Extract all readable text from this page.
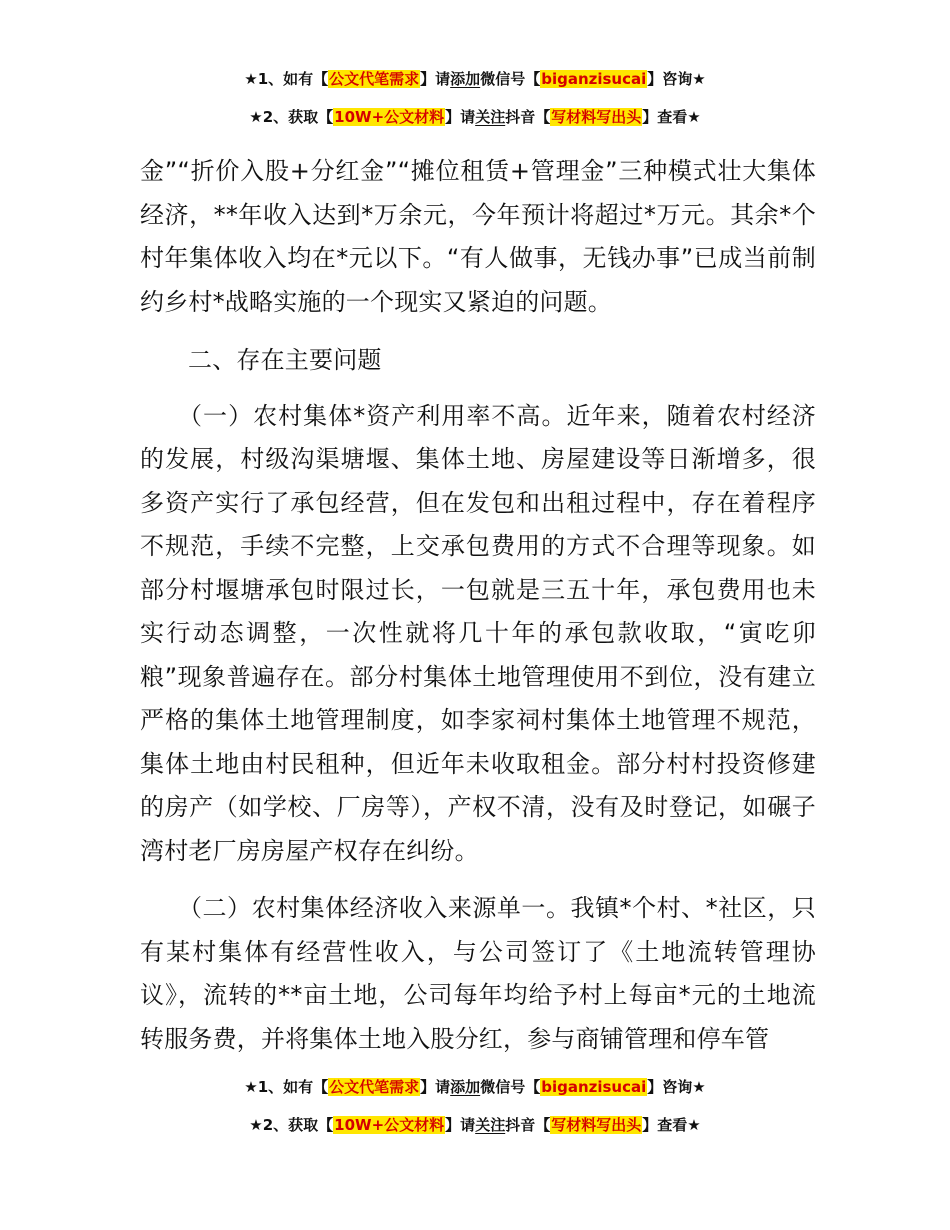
★1、如有【公文代笔需求】请添加微信号【biganzisucai】咨询★
★2、获取【10W+公文材料】请关注抖音【写材料写出头】查看★

金”“折价入股+分红金”“摊位租赁+管理金”三种模式壮大集体经济，**年收入达到*万余元，今年预计将超过*万元。其余*个村年集体收入均在*元以下。“有人做事，无钱办事”已成当前制约乡村*战略实施的一个现实又紧迫的问题。

二、存在主要问题

（一）农村集体*资产利用率不高。近年来，随着农村经济的发展，村级沟渠塘堰、集体土地、房屋建设等日渐增多，很多资产实行了承包经营，但在发包和出租过程中，存在着程序不规范，手续不完整，上交承包费用的方式不合理等现象。如部分村堰塘承包时限过长，一包就是三五十年，承包费用也未实行动态调整，一次性就将几十年的承包款收取，“寅吃卯粮”现象普遍存在。部分村集体土地管理使用不到位，没有建立严格的集体土地管理制度，如李家祠村集体土地管理不规范，集体土地由村民租种，但近年未收取租金。部分村村投资修建的房产（如学校、厂房等），产权不清，没有及时登记，如碾子湾村老厂房房屋产权存在纠纷。

（二）农村集体经济收入来源单一。我镇*个村、*社区，只有某村集体有经营性收入，与公司签订了《土地流转管理协议》，流转的**亩土地，公司每年均给予村上每亩*元的土地流转服务费，并将集体土地入股分红，参与商铺管理和停车管

★1、如有【公文代笔需求】请添加微信号【biganzisucai】咨询★
★2、获取【10W+公文材料】请关注抖音【写材料写出头】查看★
